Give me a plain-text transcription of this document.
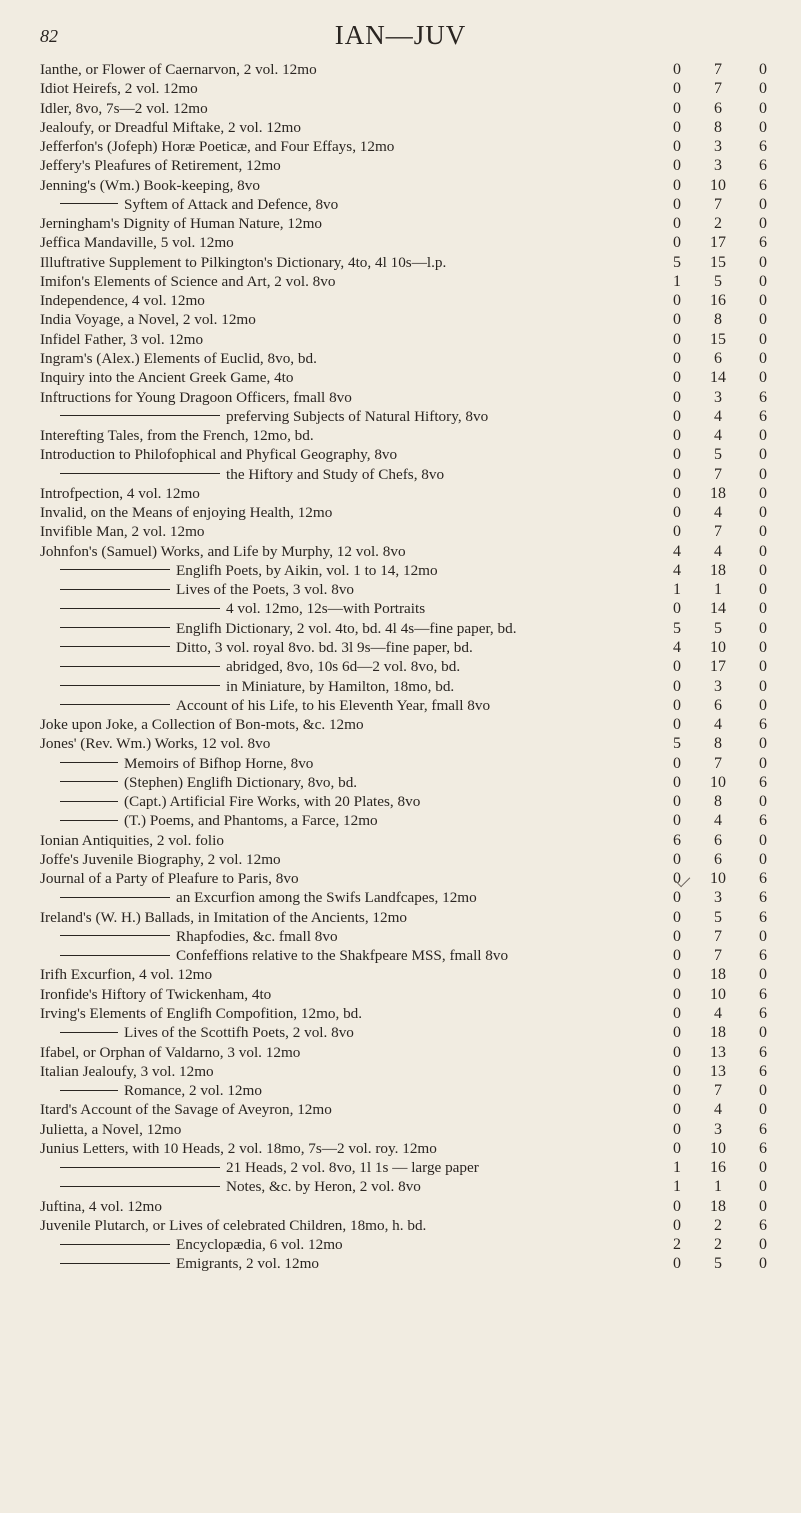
82	IAN—JUV
Ianthe, or Flower of Caernarvon, 2 vol. 12mo	0	7	0
Idiot Heirefs, 2 vol. 12mo	0	7	0
Idler, 8vo, 7s—2 vol. 12mo	0	6	0
Jealoufy, or Dreadful Miftake, 2 vol. 12mo	0	8	0
Jefferfon's (Jofeph) Horæ Poeticæ, and Four Effays, 12mo	0	3	6
Jeffery's Pleafures of Retirement, 12mo	0	3	6
Jenning's (Wm.) Book-keeping, 8vo	0	10	6
Syftem of Attack and Defence, 8vo	0	7	0
Jerningham's Dignity of Human Nature, 12mo	0	2	0
Jeffica Mandaville, 5 vol. 12mo	0	17	6
Illuftrative Supplement to Pilkington's Dictionary, 4to, 4l 10s—l.p.	5	15	0
Imifon's Elements of Science and Art, 2 vol. 8vo	1	5	0
Independence, 4 vol. 12mo	0	16	0
India Voyage, a Novel, 2 vol. 12mo	0	8	0
Infidel Father, 3 vol. 12mo	0	15	0
Ingram's (Alex.) Elements of Euclid, 8vo, bd.	0	6	0
Inquiry into the Ancient Greek Game, 4to	0	14	0
Inftructions for Young Dragoon Officers, fmall 8vo	0	3	6
preferving Subjects of Natural Hiftory, 8vo	0	4	6
Interefting Tales, from the French, 12mo, bd.	0	4	0
Introduction to Philofophical and Phyfical Geography, 8vo	0	5	0
the Hiftory and Study of Chefs, 8vo	0	7	0
Introfpection, 4 vol. 12mo	0	18	0
Invalid, on the Means of enjoying Health, 12mo	0	4	0
Invifible Man, 2 vol. 12mo	0	7	0
Johnfon's (Samuel) Works, and Life by Murphy, 12 vol. 8vo	4	4	0
Englifh Poets, by Aikin, vol. 1 to 14, 12mo	4	18	0
Lives of the Poets, 3 vol. 8vo	1	1	0
4 vol. 12mo, 12s—with Portraits	0	14	0
Englifh Dictionary, 2 vol. 4to, bd. 4l 4s—fine paper, bd.	5	5	0
Ditto, 3 vol. royal 8vo. bd. 3l 9s—fine paper, bd.	4	10	0
abridged, 8vo, 10s 6d—2 vol. 8vo, bd.	0	17	0
in Miniature, by Hamilton, 18mo, bd.	0	3	0
Account of his Life, to his Eleventh Year, fmall 8vo	0	6	0
Joke upon Joke, a Collection of Bon-mots, &c. 12mo	0	4	6
Jones' (Rev. Wm.) Works, 12 vol. 8vo	5	8	0
Memoirs of Bifhop Horne, 8vo	0	7	0
(Stephen) Englifh Dictionary, 8vo, bd.	0	10	6
(Capt.) Artificial Fire Works, with 20 Plates, 8vo	0	8	0
(T.) Poems, and Phantoms, a Farce, 12mo	0	4	6
Ionian Antiquities, 2 vol. folio	6	6	0
Joffe's Juvenile Biography, 2 vol. 12mo	0	6	0
Journal of a Party of Pleafure to Paris, 8vo	0	10	6
an Excurfion among the Swifs Landfcapes, 12mo	0	3	6
Ireland's (W. H.) Ballads, in Imitation of the Ancients, 12mo	0	5	6
Rhapfodies, &c. fmall 8vo	0	7	0
Confeffions relative to the Shakfpeare MSS, fmall 8vo	0	7	6
Irifh Excurfion, 4 vol. 12mo	0	18	0
Ironfide's Hiftory of Twickenham, 4to	0	10	6
Irving's Elements of Englifh Compofition, 12mo, bd.	0	4	6
Lives of the Scottifh Poets, 2 vol. 8vo	0	18	0
Ifabel, or Orphan of Valdarno, 3 vol. 12mo	0	13	6
Italian Jealoufy, 3 vol. 12mo	0	13	6
Romance, 2 vol. 12mo	0	7	0
Itard's Account of the Savage of Aveyron, 12mo	0	4	0
Julietta, a Novel, 12mo	0	3	6
Junius Letters, with 10 Heads, 2 vol. 18mo, 7s—2 vol. roy. 12mo	0	10	6
21 Heads, 2 vol. 8vo, 1l 1s — large paper	1	16	0
Notes, &c. by Heron, 2 vol. 8vo	1	1	0
Juftina, 4 vol. 12mo	0	18	0
Juvenile Plutarch, or Lives of celebrated Children, 18mo, h. bd.	0	2	6
Encyclopædia, 6 vol. 12mo	2	2	0
Emigrants, 2 vol. 12mo	0	5	0
